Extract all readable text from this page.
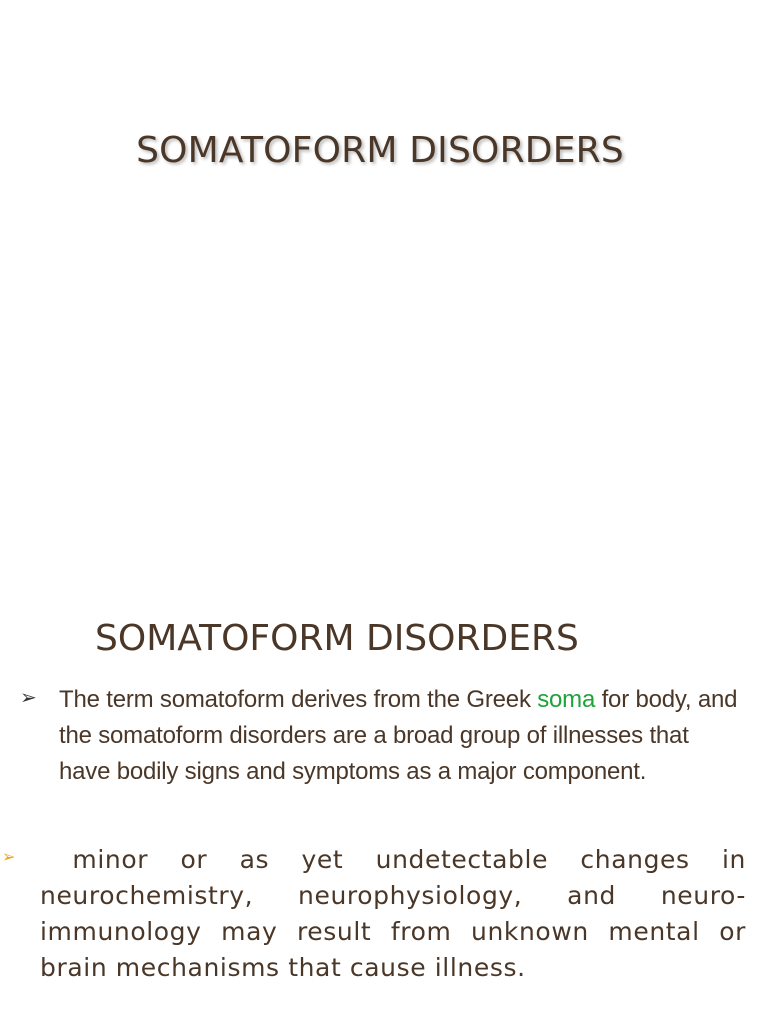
SOMATOFORM DISORDERS
SOMATOFORM DISORDERS
➢ The term somatoform derives from the Greek soma for body, and the somatoform disorders are a broad group of illnesses that have bodily signs and symptoms as a major component.
➢	minor or as yet undetectable changes in neurochemistry, neurophysiology, and neuro-immunology may result from unknown mental or brain mechanisms that cause illness.
